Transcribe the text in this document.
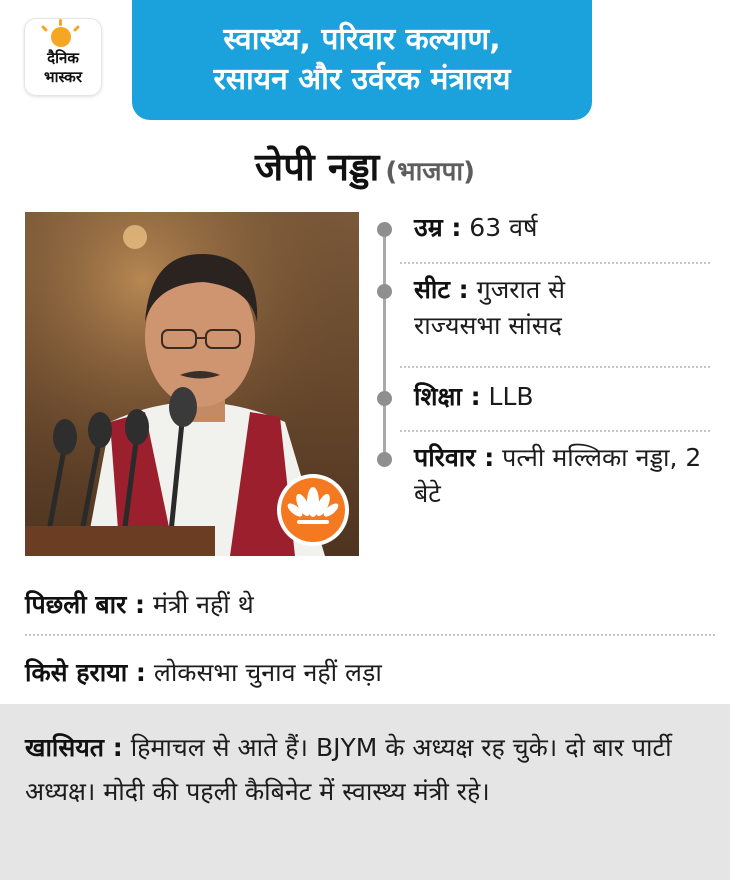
दैनिक
भास्कर
स्वास्थ्य, परिवार कल्याण,
रसायन और उर्वरक मंत्रालय
जेपी नड्डा (भाजपा)
उम्र : 63 वर्ष
सीट : गुजरात से राज्यसभा सांसद
शिक्षा : LLB
परिवार : पत्नी मल्लिका नड्डा, 2 बेटे
पिछली बार : मंत्री नहीं थे
किसे हराया : लोकसभा चुनाव नहीं लड़ा

खासियत : हिमाचल से आते हैं। BJYM के अध्यक्ष रह चुके। दो बार पार्टी अध्यक्ष। मोदी की पहली कैबिनेट में स्वास्थ्य मंत्री रहे।
